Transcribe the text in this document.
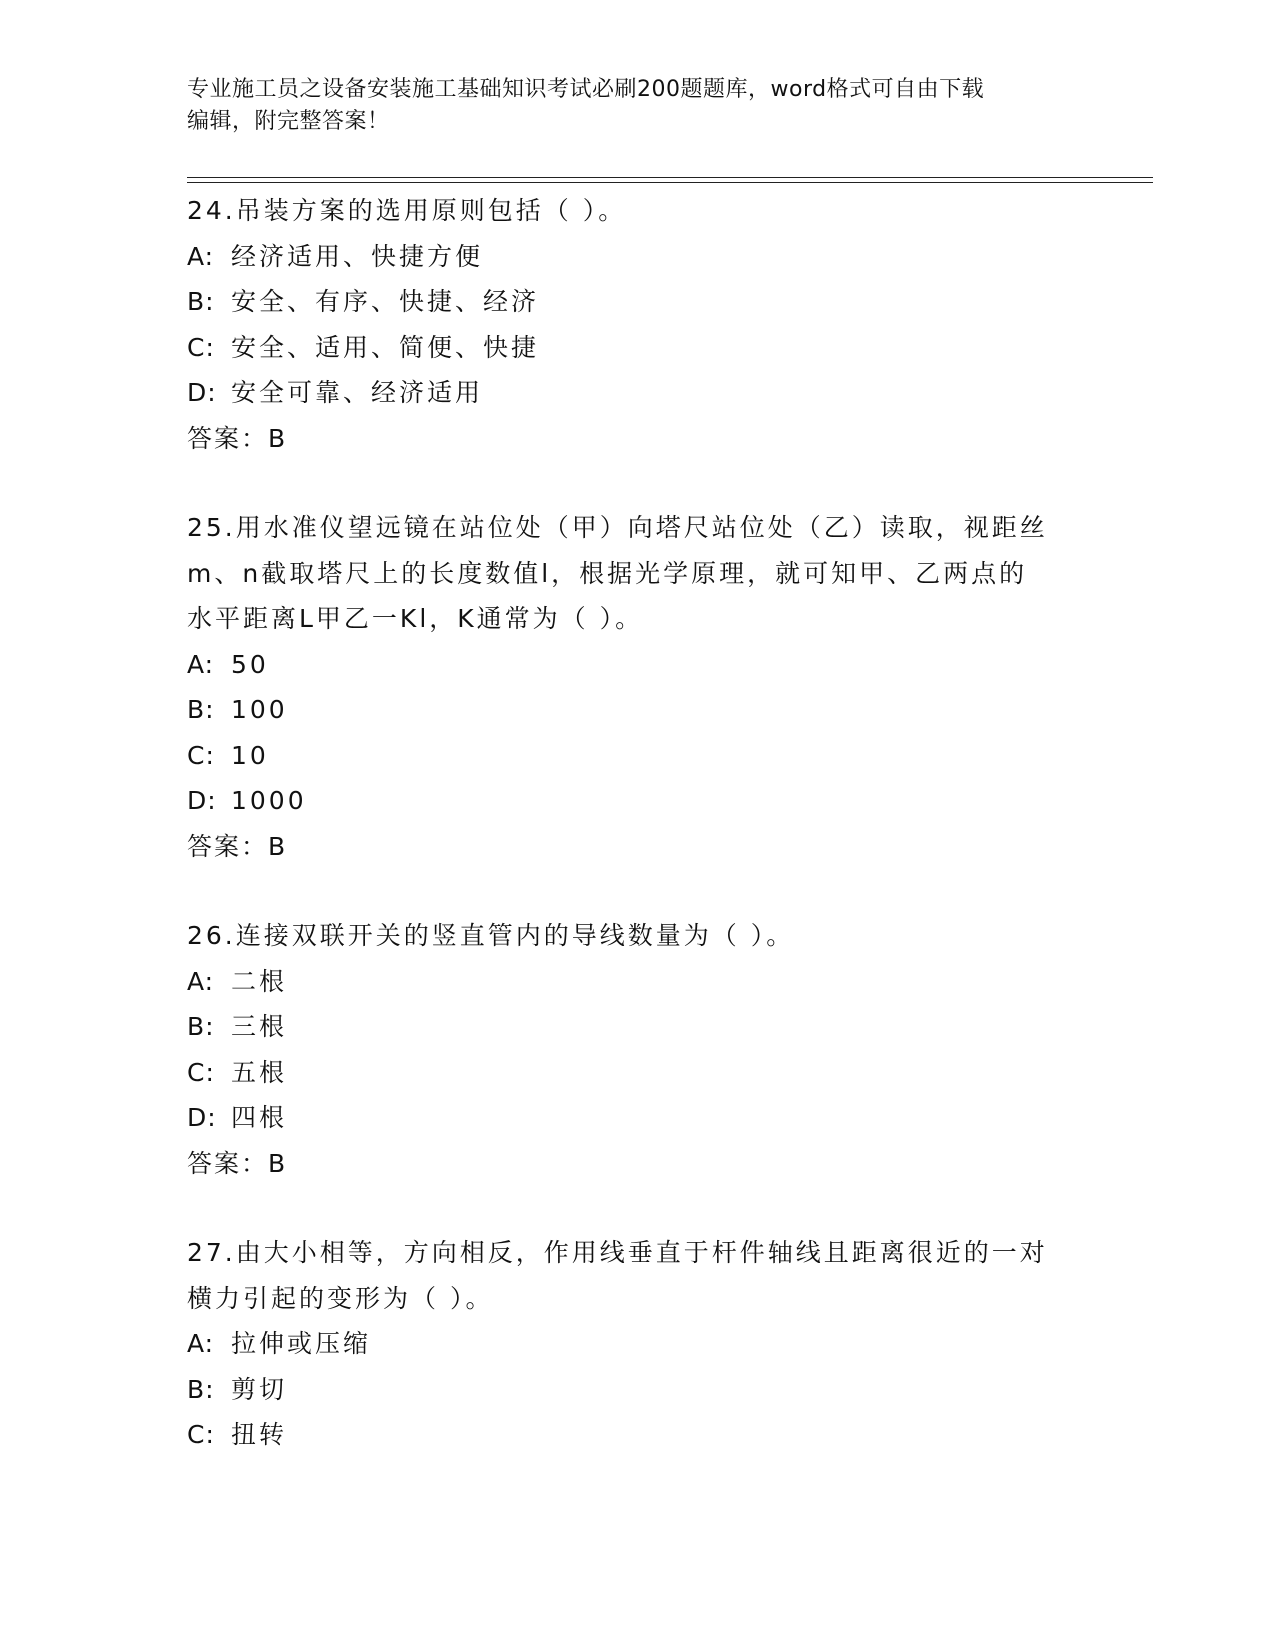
专业施工员之设备安装施工基础知识考试必刷200题题库，word格式可自由下载
编辑，附完整答案！
24.吊装方案的选用原则包括（ ）。
A: 经济适用、快捷方便
B: 安全、有序、快捷、经济
C: 安全、适用、简便、快捷
D: 安全可靠、经济适用
答案：B
25.用水准仪望远镜在站位处（甲）向塔尺站位处（乙）读取，视距丝
m、n截取塔尺上的长度数值l，根据光学原理，就可知甲、乙两点的
水平距离L甲乙一Kl，K通常为（ ）。
A: 50
B: 100
C: 10
D: 1000
答案：B
26.连接双联开关的竖直管内的导线数量为（ ）。
A: 二根
B: 三根
C: 五根
D: 四根
答案：B
27.由大小相等，方向相反，作用线垂直于杆件轴线且距离很近的一对
横力引起的变形为（ ）。
A: 拉伸或压缩
B: 剪切
C: 扭转
